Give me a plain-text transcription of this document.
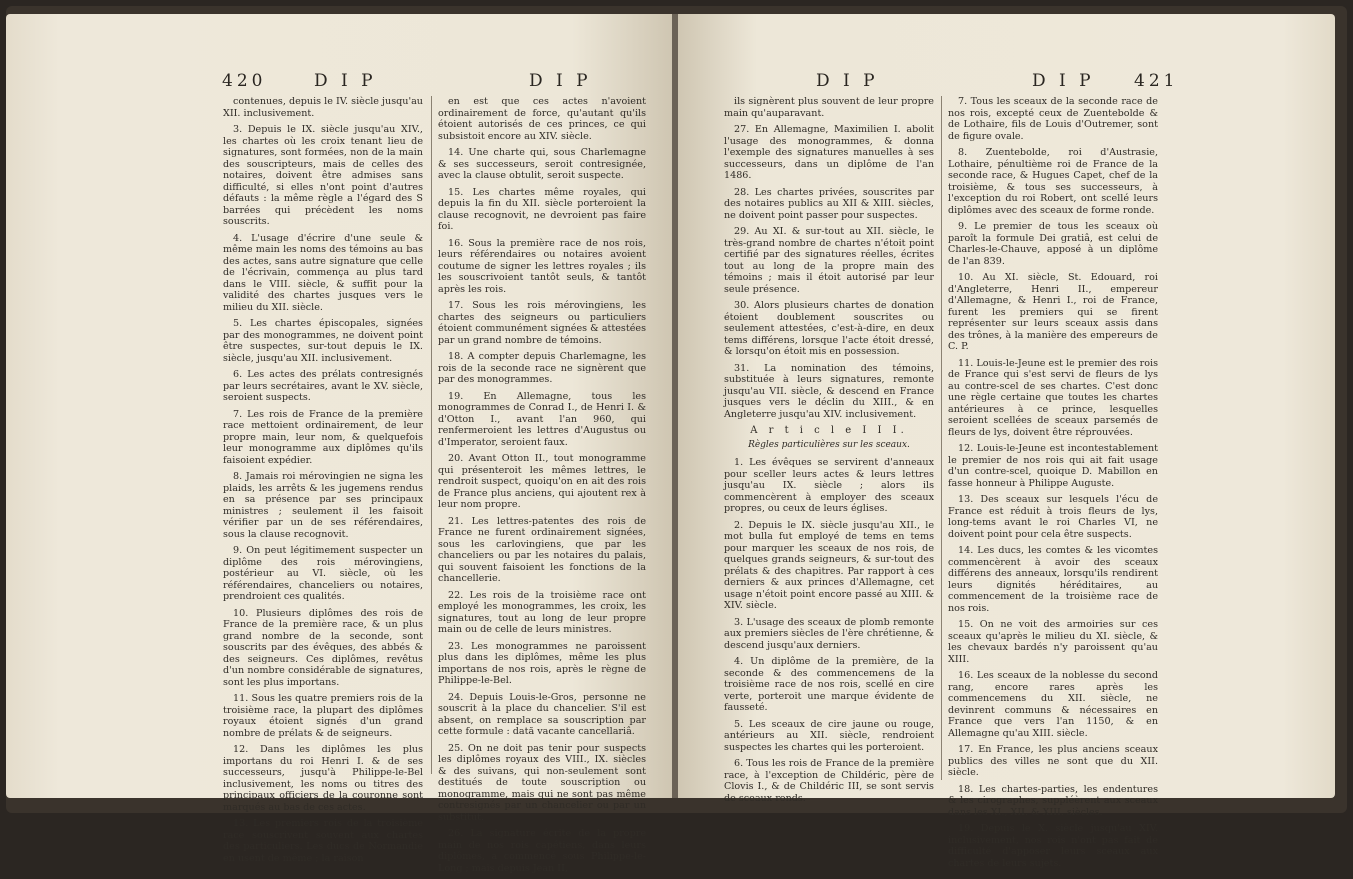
420	D I P	D I P

contenues, depuis le IV. siècle jusqu'au XII. inclusivement.

3. Depuis le IX. siècle jusqu'au XIV., les chartes où les croix tenant lieu de signatures, sont formées, non de la main des souscripteurs, mais de celles des notaires, doivent être admises sans difficulté, si elles n'ont point d'autres défauts : la même règle a l'égard des S barrées qui précèdent les noms souscrits.

4. L'usage d'écrire d'une seule & même main les noms des témoins au bas des actes, sans autre signature que celle de l'écrivain, commença au plus tard dans le VIII. siècle, & suffit pour la validité des chartes jusques vers le milieu du XII. siècle.

5. Les chartes épiscopales, signées par des monogrammes, ne doivent point être suspectes, sur-tout depuis le IX. siècle, jusqu'au XII. inclusivement.

6. Les actes des prélats contresignés par leurs secrétaires, avant le XV. siècle, seroient suspects.

7. Les rois de France de la première race mettoient ordinairement, de leur propre main, leur nom, & quelquefois leur monogramme aux diplômes qu'ils faisoient expédier.

8. Jamais roi mérovingien ne signa les plaids, les arrêts & les jugemens rendus en sa présence par ses principaux ministres ; seulement il les faisoit vérifier par un de ses référendaires, sous la clause recognovit.

9. On peut légitimement suspecter un diplôme des rois mérovingiens, postérieur au VI. siècle, où les référendaires, chanceliers ou notaires, prendroient ces qualités.

10. Plusieurs diplômes des rois de France de la première race, & un plus grand nombre de la seconde, sont souscrits par des évêques, des abbés & des seigneurs. Ces diplômes, revêtus d'un nombre considérable de signatures, sont les plus importans.

11. Sous les quatre premiers rois de la troisième race, la plupart des diplômes royaux étoient signés d'un grand nombre de prélats & de seigneurs.

12. Dans les diplômes les plus importans du roi Henri I. & de ses successeurs, jusqu'à Philippe-le-Bel inclusivement, les noms ou titres des principaux officiers de la couronne sont marqués au bas de ces actes.

13. Les premiers rois de la troisième race souscrivent souvent aux chartes des particuliers. Les ducs de Normandie en usent de même ; la raison

en est que ces actes n'avoient ordinairement de force, qu'autant qu'ils étoient autorisés de ces princes, ce qui subsistoit encore au XIV. siècle.

14. Une charte qui, sous Charlemagne & ses successeurs, seroit contresignée, avec la clause obtulit, seroit suspecte.

15. Les chartes même royales, qui depuis la fin du XII. siècle porteroient la clause recognovit, ne devroient pas faire foi.

16. Sous la première race de nos rois, leurs référendaires ou notaires avoient coutume de signer les lettres royales ; ils les souscrivoient tantôt seuls, & tantôt après les rois.

17. Sous les rois mérovingiens, les chartes des seigneurs ou particuliers étoient communément signées & attestées par un grand nombre de témoins.

18. A compter depuis Charlemagne, les rois de la seconde race ne signèrent que par des monogrammes.

19. En Allemagne, tous les monogrammes de Conrad I., de Henri I. & d'Otton I., avant l'an 960, qui renfermeroient les lettres d'Augustus ou d'Imperator, seroient faux.

20. Avant Otton II., tout monogramme qui présenteroit les mêmes lettres, le rendroit suspect, quoiqu'on en ait des rois de France plus anciens, qui ajoutent rex à leur nom propre.

21. Les lettres-patentes des rois de France ne furent ordinairement signées, sous les carlovingiens, que par les chanceliers ou par les notaires du palais, qui souvent faisoient les fonctions de la chancellerie.

22. Les rois de la troisième race ont employé les monogrammes, les croix, les signatures, tout au long de leur propre main ou de celle de leurs ministres.

23. Les monogrammes ne paroissent plus dans les diplômes, même les plus importans de nos rois, après le règne de Philippe-le-Bel.

24. Depuis Louis-le-Gros, personne ne souscrit à la place du chancelier. S'il est absent, on remplace sa souscription par cette formule : dată vacante cancellariâ.

25. On ne doit pas tenir pour suspects les diplômes royaux des VIII., IX. siècles & des suivans, qui non-seulement sont destitués de toute souscription ou monogramme, mais qui ne sont pas même contresignés par un chancelier ou par un substitut.

26. La signature écrite de la propre main de nos rois capétiens, dans leurs diplômes, a commencé sous Philippe-le-Long ; mais depuis Jean II,

D I P	D I P 421

ils signèrent plus souvent de leur propre main qu'auparavant.

27. En Allemagne, Maximilien I. abolit l'usage des monogrammes, & donna l'exemple des signatures manuelles à ses successeurs, dans un diplôme de l'an 1486.

28. Les chartes privées, souscrites par des notaires publics au XII & XIII. siècles, ne doivent point passer pour suspectes.

29. Au XI. & sur-tout au XII. siècle, le très-grand nombre de chartes n'étoit point certifié par des signatures réelles, écrites tout au long de la propre main des témoins ; mais il étoit autorisé par leur seule présence.

30. Alors plusieurs chartes de donation étoient doublement souscrites ou seulement attestées, c'est-à-dire, en deux tems différens, lorsque l'acte étoit dressé, & lorsqu'on étoit mis en possession.

31. La nomination des témoins, substituée à leurs signatures, remonte jusqu'au VII. siècle, & descend en France jusques vers le déclin du XIII., & en Angleterre jusqu'au XIV. inclusivement.

A r t i c l e I I I.

Règles particulières sur les sceaux.

1. Les évêques se servirent d'anneaux pour sceller leurs actes & leurs lettres jusqu'au IX. siècle ; alors ils commencèrent à employer des sceaux propres, ou ceux de leurs églises.

2. Depuis le IX. siècle jusqu'au XII., le mot bulla fut employé de tems en tems pour marquer les sceaux de nos rois, de quelques grands seigneurs, & sur-tout des prélats & des chapitres. Par rapport à ces derniers & aux princes d'Allemagne, cet usage n'étoit point encore passé au XIII. & XIV. siècle.

3. L'usage des sceaux de plomb remonte aux premiers siècles de l'ère chrétienne, & descend jusqu'aux derniers.

4. Un diplôme de la première, de la seconde & des commencemens de la troisième race de nos rois, scellé en cire verte, porteroit une marque évidente de fausseté.

5. Les sceaux de cire jaune ou rouge, antérieurs au XII. siècle, rendroient suspectes les chartes qui les porteroient.

6. Tous les rois de France de la première race, à l'exception de Childéric, père de Clovis I., & de Childéric III, se sont servis de sceaux ronds.

7. Tous les sceaux de la seconde race de nos rois, excepté ceux de Zuentebolde & de Lothaire, fils de Louis d'Outremer, sont de figure ovale.

8. Zuentebolde, roi d'Austrasie, Lothaire, pénultième roi de France de la seconde race, & Hugues Capet, chef de la troisième, & tous ses successeurs, à l'exception du roi Robert, ont scellé leurs diplômes avec des sceaux de forme ronde.

9. Le premier de tous les sceaux où paroît la formule Dei gratiâ, est celui de Charles-le-Chauve, apposé à un diplôme de l'an 839.

10. Au XI. siècle, St. Edouard, roi d'Angleterre, Henri II., empereur d'Allemagne, & Henri I., roi de France, furent les premiers qui se firent représenter sur leurs sceaux assis dans des trônes, à la manière des empereurs de C. P.

11. Louis-le-Jeune est le premier des rois de France qui s'est servi de fleurs de lys au contre-scel de ses chartes. C'est donc une règle certaine que toutes les chartes antérieures à ce prince, lesquelles seroient scellées de sceaux parsemés de fleurs de lys, doivent être réprouvées.

12. Louis-le-Jeune est incontestablement le premier de nos rois qui ait fait usage d'un contre-scel, quoique D. Mabillon en fasse honneur à Philippe Auguste.

13. Des sceaux sur lesquels l'écu de France est réduit à trois fleurs de lys, long-tems avant le roi Charles VI, ne doivent point pour cela être suspects.

14. Les ducs, les comtes & les vicomtes commencèrent à avoir des sceaux différens des anneaux, lorsqu'ils rendirent leurs dignités héréditaires, au commencement de la troisième race de nos rois.

15. On ne voit des armoiries sur ces sceaux qu'après le milieu du XI. siècle, & les chevaux bardés n'y paroissent qu'au XIII.

16. Les sceaux de la noblesse du second rang, encore rares après les commencemens du XII. siècle, ne devinrent communs & nécessaires en France que vers l'an 1150, & en Allemagne qu'au XIII. siècle.

17. En France, les plus anciens sceaux publics des villes ne sont que du XII. siècle.

18. Les chartes-parties, les endentures & les cirographes, suppléèrent aux sceaux dans les XI., XII. & XIII. siècles.

19. Depuis le X. siècle jusqu'au XIV. inclusivement, nos rois n'ont pas fait de difficulté d'apposer leurs sceaux aux chartes de leurs sujets.
